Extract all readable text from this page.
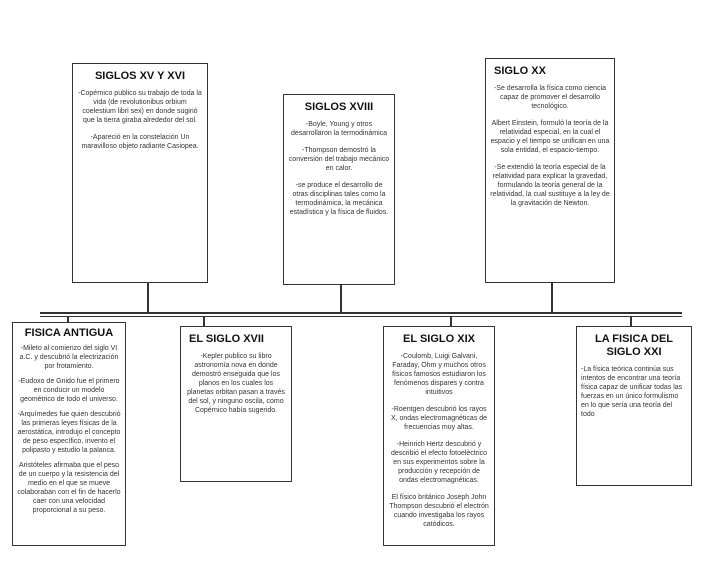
SIGLOS XV Y XVI
-Copérnico publico su trabajo de toda la vida (de revolutionibus orbium coelestium libri sex) en donde sugirió que la tierra giraba alrededor del sol.
-Apareció en la constelación Un maravilloso objeto radiante Casiopea.
SIGLOS XVIII
-Boyle, Young y otros desarrollaron la termodinámica
-Thompson demostró la conversión del trabajo mecánico en calor.
-se produce el desarrollo de otras disciplinas tales como la termodinámica, la mecánica estadística y la física de fluidos.
SIGLO XX
-Se desarrolla la física como ciencia capaz de promover el desarrollo tecnológico.
Albert Einstein, formuló la teoría de la relatividad especial, en la cual el espacio y el tiempo se unifican en una sola entidad, el espacio-tiempo.
-Se extendió la teoría especial de la relatividad para explicar la gravedad, formulando la teoría general de la relatividad, la cual sustituye a la ley de la gravitación de Newton.
FISICA ANTIGUA
-Mileto al comienzo del siglo VI a.C. y descubrió la electrización por frotamiento.
-Eudoxo de Gnido fue el primero en conducir un modelo geométrico de todo el universo.
-Arquímedes fue quien descubrió las primeras leyes físicas de la aerostática, introdujo el concepto de peso específico, invento el polipasto y estudio la palanca.
Aristóteles afirmaba que el peso de un cuerpo y la resistencia del medio en el que se mueve colaboraban con el fin de hacerlo caer con una velocidad proporcional a su peso.
EL SIGLO XVII
-Kepler publico su libro astronomía nova en donde demostró enseguida que los planos en los cuales los planetas orbitan pasan a través del sol, y ninguno oscila, como Copérnico había sugerido.
EL SIGLO XIX
-Coulomb, Luigi Galvani, Faraday, Ohm y muchos otros físicos famosos estudiaron los fenómenos dispares y contra intuitivos
-Roentgen descubrió los rayos X, ondas electromagnéticas de frecuencias muy altas.
-Heinrich Hertz descubrió y describió el efecto fotoeléctrico en sus experimentos sobre la producción y recepción de ondas electromagnéticas.
El físico británico Joseph John Thompson descubrió el electrón cuando investigaba los rayos catódicos.
LA FISICA DEL SIGLO XXI
-La física teórica continúa sus intentos de encontrar una teoría física capaz de unificar todas las fuerzas en un único formulismo en lo que sería una teoría del todo
